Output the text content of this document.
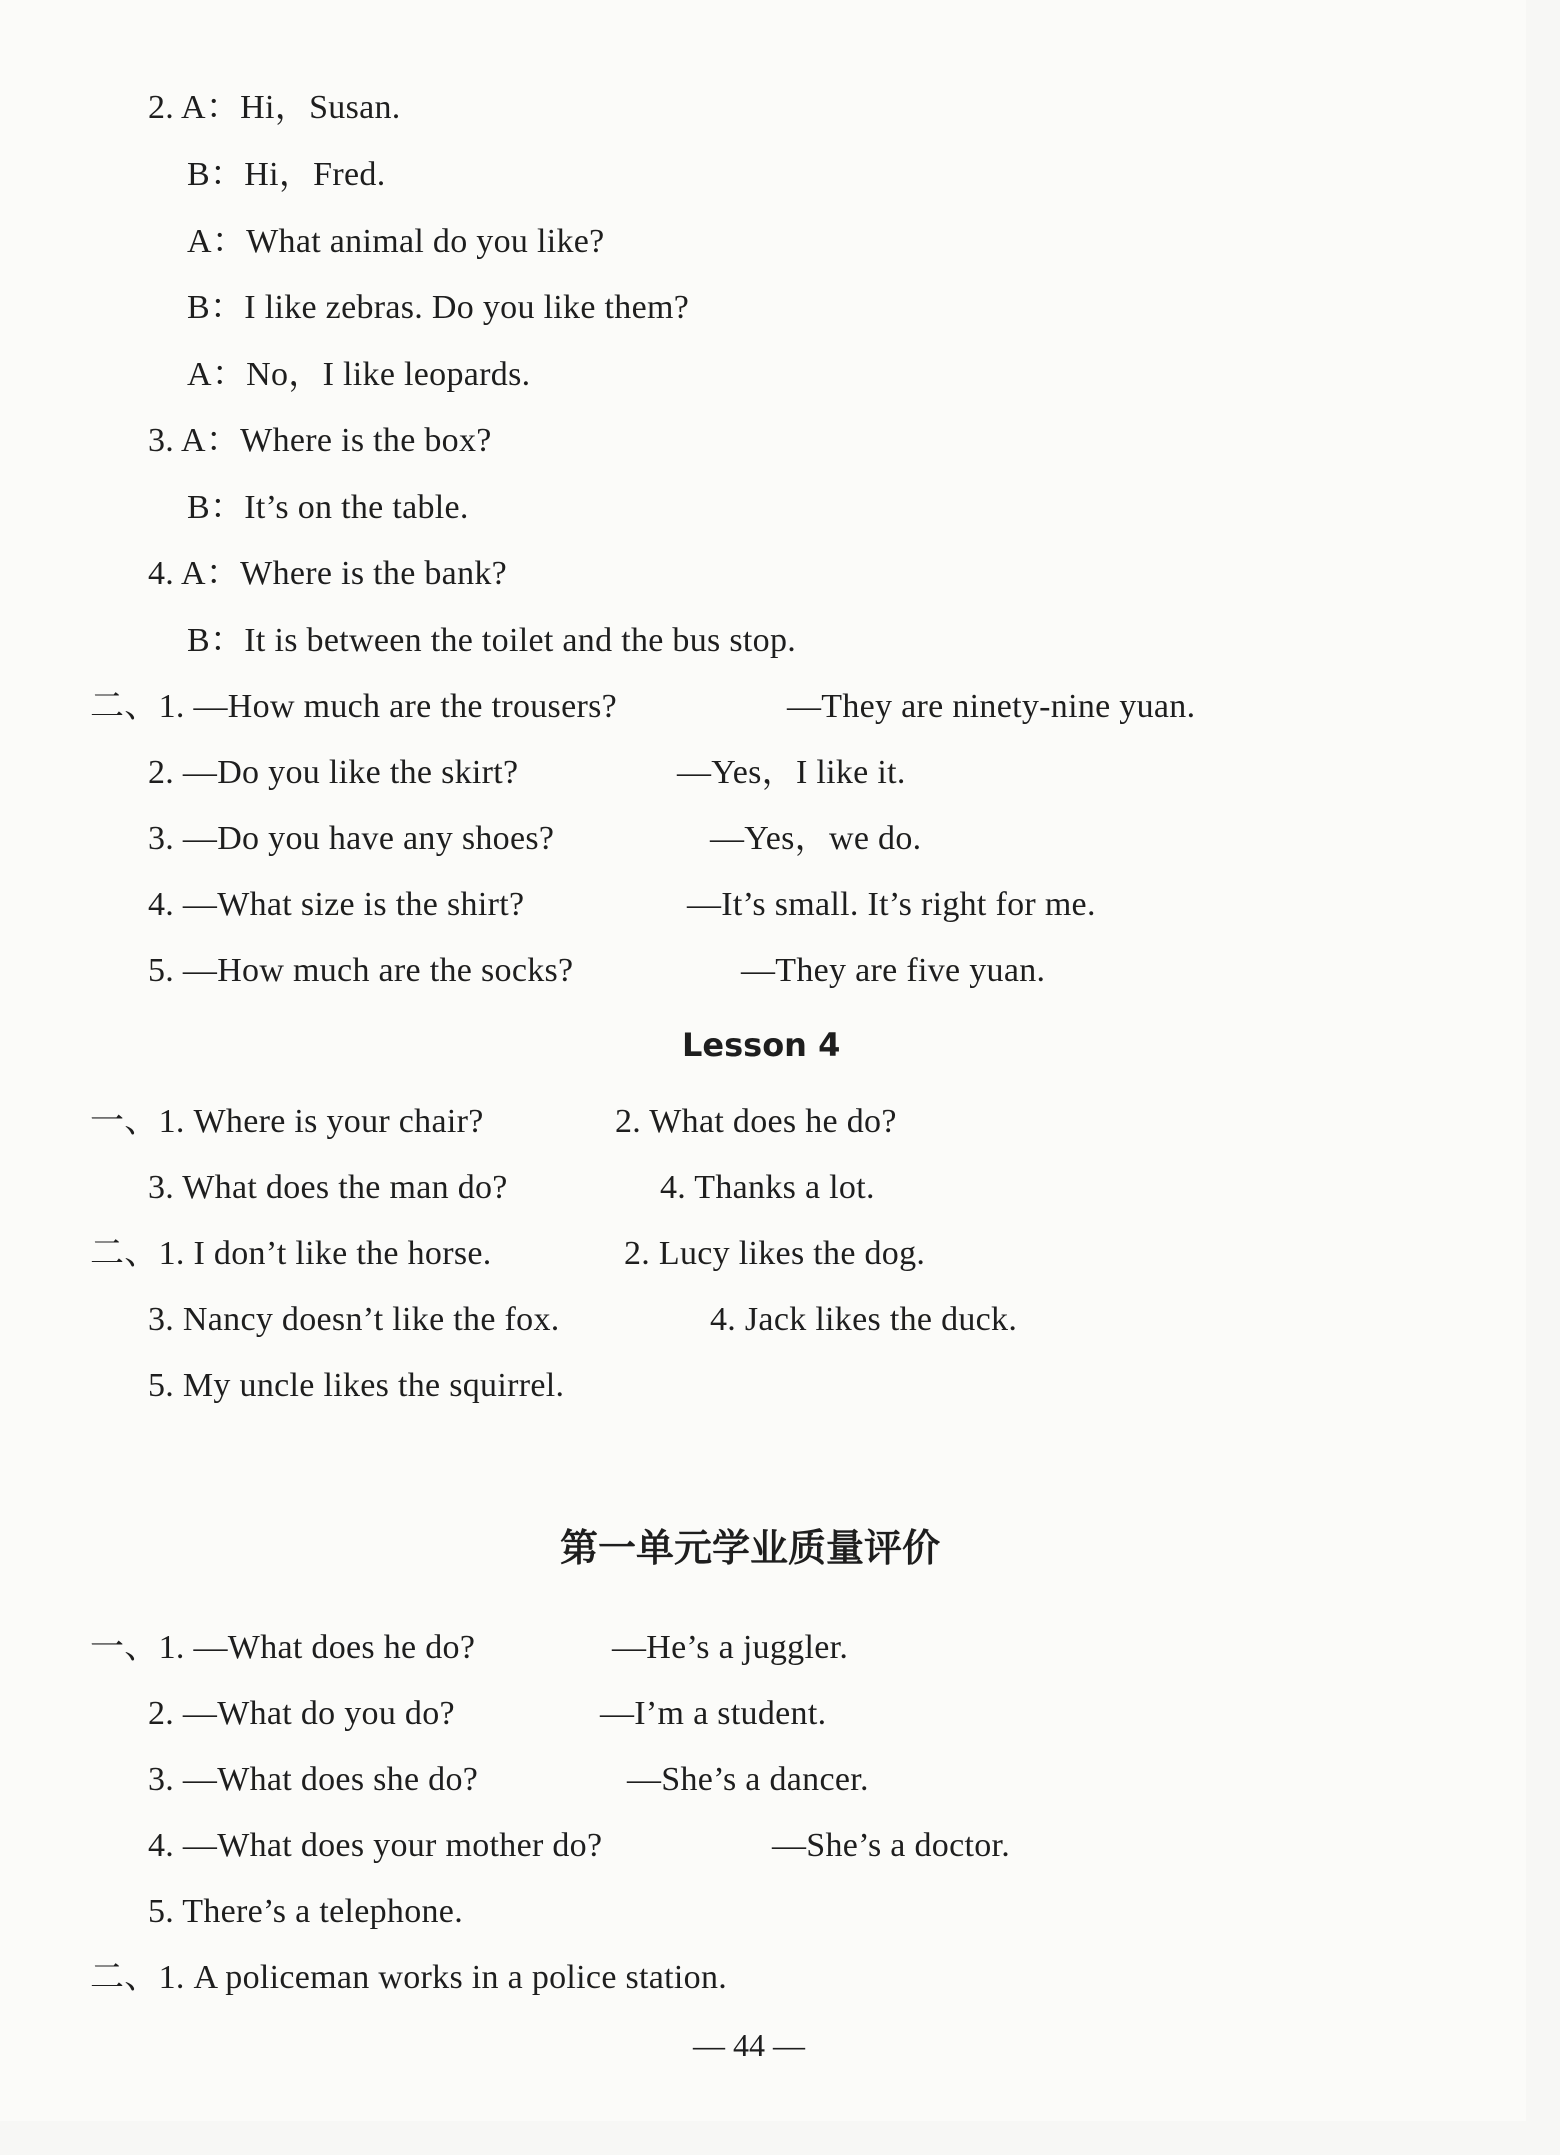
2. A：Hi，Susan.
B：Hi，Fred.
A：What animal do you like?
B：I like zebras. Do you like them?
A：No，I like leopards.
3. A：Where is the box?
B：It’s on the table.
4. A：Where is the bank?
B：It is between the toilet and the bus stop.
二、1. —How much are the trousers?	—They are ninety-nine yuan.
2. —Do you like the skirt?	—Yes，I like it.
3. —Do you have any shoes?	—Yes，we do.
4. —What size is the shirt?	—It’s small. It’s right for me.
5. —How much are the socks?	—They are five yuan.
Lesson 4
一、1. Where is your chair?	2. What does he do?
3. What does the man do?	4. Thanks a lot.
二、1. I don’t like the horse.	2. Lucy likes the dog.
3. Nancy doesn’t like the fox.	4. Jack likes the duck.
5. My uncle likes the squirrel.
第一单元学业质量评价
一、1. —What does he do?	—He’s a juggler.
2. —What do you do?	—I’m a student.
3. —What does she do?	—She’s a dancer.
4. —What does your mother do?	—She’s a doctor.
5. There’s a telephone.
二、1. A policeman works in a police station.
— 44 —
